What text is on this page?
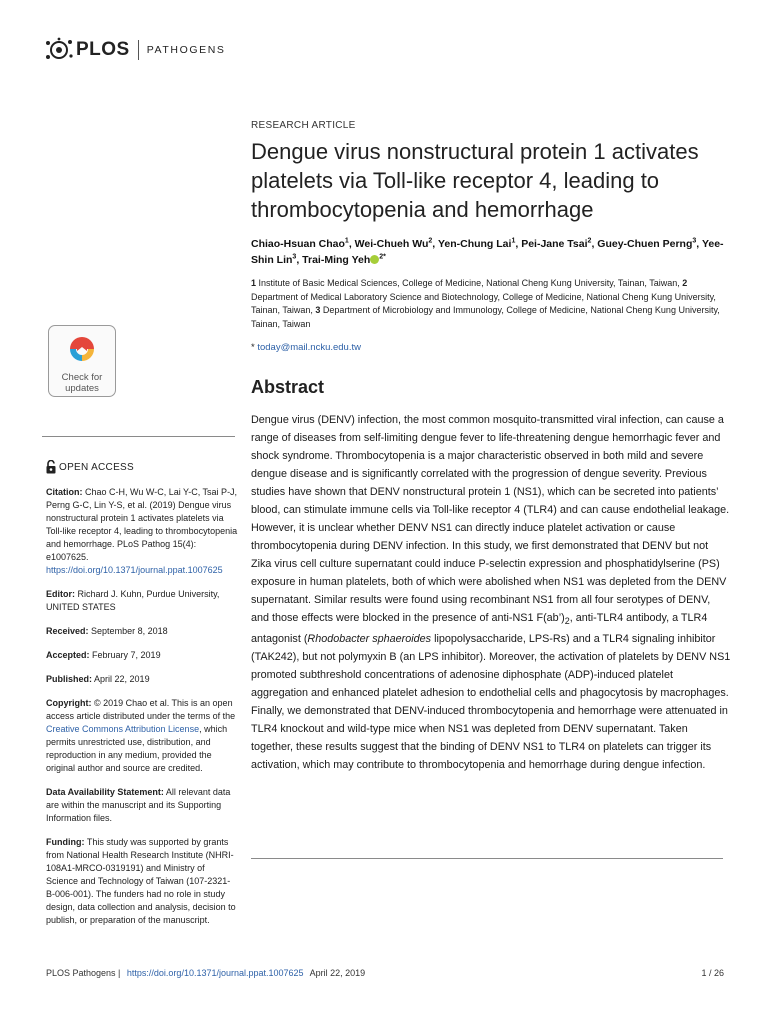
PLOS PATHOGENS
Check for
updates
OPEN ACCESS

Citation: Chao C-H, Wu W-C, Lai Y-C, Tsai P-J, Perng G-C, Lin Y-S, et al. (2019) Dengue virus nonstructural protein 1 activates platelets via Toll-like receptor 4, leading to thrombocytopenia and hemorrhage. PLoS Pathog 15(4): e1007625. https://doi.org/10.1371/journal.ppat.1007625

Editor: Richard J. Kuhn, Purdue University, UNITED STATES

Received: September 8, 2018

Accepted: February 7, 2019

Published: April 22, 2019

Copyright: © 2019 Chao et al. This is an open access article distributed under the terms of the Creative Commons Attribution License, which permits unrestricted use, distribution, and reproduction in any medium, provided the original author and source are credited.

Data Availability Statement: All relevant data are within the manuscript and its Supporting Information files.

Funding: This study was supported by grants from National Health Research Institute (NHRI-108A1-MRCO-0319191) and Ministry of Science and Technology of Taiwan (107-2321-B-006-001). The funders had no role in study design, data collection and analysis, decision to publish, or preparation of the manuscript.

RESEARCH ARTICLE
Dengue virus nonstructural protein 1 activates platelets via Toll-like receptor 4, leading to thrombocytopenia and hemorrhage
Chiao-Hsuan Chao$^1$, Wei-Chueh Wu$^2$, Yen-Chung Lai$^1$, Pei-Jane Tsai$^2$, Guey-Chuen Perng$^3$, Yee-Shin Lin$^3$, Trai-Ming Yeh $^{2*}$
1 Institute of Basic Medical Sciences, College of Medicine, National Cheng Kung University, Tainan, Taiwan, 2 Department of Medical Laboratory Science and Biotechnology, College of Medicine, National Cheng Kung University, Tainan, Taiwan, 3 Department of Microbiology and Immunology, College of Medicine, National Cheng Kung University, Tainan, Taiwan
* today@mail.ncku.edu.tw
Abstract

Dengue virus (DENV) infection, the most common mosquito-transmitted viral infection, can cause a range of diseases from self-limiting dengue fever to life-threatening dengue hemorrhagic fever and shock syndrome. Thrombocytopenia is a major characteristic observed in both mild and severe dengue disease and is significantly correlated with the progression of dengue severity. Previous studies have shown that DENV nonstructural protein 1 (NS1), which can be secreted into patients’ blood, can stimulate immune cells via Toll-like receptor 4 (TLR4) and can cause endothelial leakage. However, it is unclear whether DENV NS1 can directly induce platelet activation or cause thrombocytopenia during DENV infection. In this study, we first demonstrated that DENV but not Zika virus cell culture supernatant could induce P-selectin expression and phosphatidylserine (PS) exposure in human platelets, both of which were abolished when NS1 was depleted from the DENV supernatant. Similar results were found using recombinant NS1 from all four serotypes of DENV, and those effects were blocked in the presence of anti-NS1 $F(ab’)_2$, anti-TLR4 antibody, a TLR4 antagonist (Rhodobacter sphaeroides lipopolysaccharide, LPS-Rs) and a TLR4 signaling inhibitor (TAK242), but not polymyxin B (an LPS inhibitor). Moreover, the activation of platelets by DENV NS1 promoted subthreshold concentrations of adenosine diphosphate (ADP)-induced platelet aggregation and enhanced platelet adhesion to endothelial cells and phagocytosis by macrophages. Finally, we demonstrated that DENV-induced thrombocytopenia and hemorrhage were attenuated in TLR4 knockout and wild-type mice when NS1 was depleted from DENV supernatant. Taken together, these results suggest that the binding of DENV NS1 to TLR4 on platelets can trigger its activation, which may contribute to thrombocytopenia and hemorrhage during dengue infection.

PLOS Pathogens | https://doi.org/10.1371/journal.ppat.1007625 April 22, 2019	1 / 26
